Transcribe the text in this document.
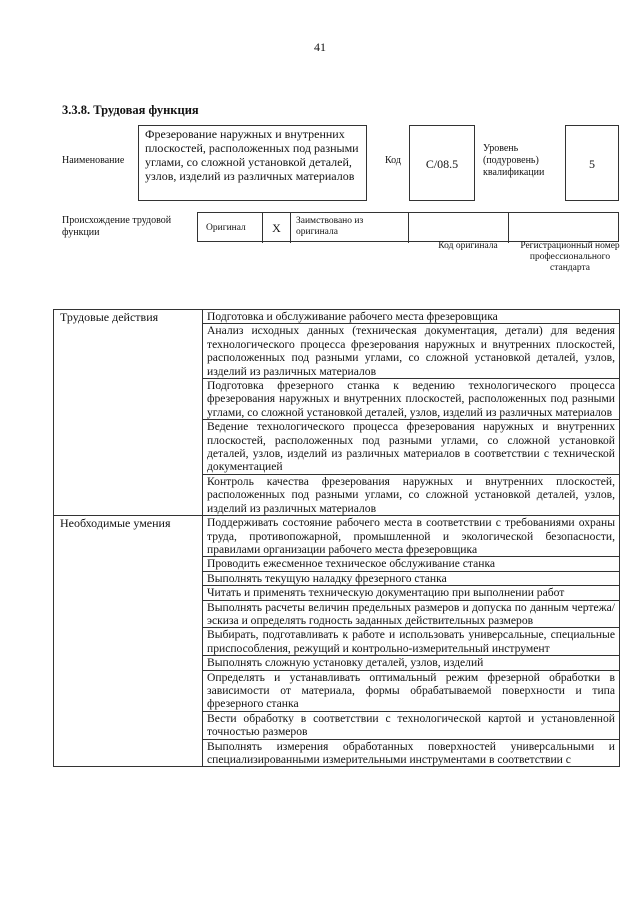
41
3.3.8. Трудовая функция
Наименование
Фрезерование наружных и внутренних плоскостей, расположенных под разными углами, со сложной установкой деталей, узлов, изделий из различных материалов
Код	С/08.5
Уровень (подуровень) квалификации
5
Происхождение трудовой функции	Оригинал	X	Заимствовано из оригинала
Код оригинала	Регистрационный номер профессионального стандарта
Трудовые действия	Подготовка и обслуживание рабочего места фрезеровщика
	Анализ исходных данных (техническая документация, детали) для ведения технологического процесса фрезерования наружных и внутренних плоскостей, расположенных под разными углами, со сложной установкой деталей, узлов, изделий из различных материалов
	Подготовка фрезерного станка к ведению технологического процесса фрезерования наружных и внутренних плоскостей, расположенных под разными углами, со сложной установкой деталей, узлов, изделий из различных материалов
	Ведение технологического процесса фрезерования наружных и внутренних плоскостей, расположенных под разными углами, со сложной установкой деталей, узлов, изделий из различных материалов в соответствии с технической документацией
	Контроль качества фрезерования наружных и внутренних плоскостей, расположенных под разными углами, со сложной установкой деталей, узлов, изделий из различных материалов
Необходимые умения	Поддерживать состояние рабочего места в соответствии с требованиями охраны труда, противопожарной, промышленной и экологической безопасности, правилами организации рабочего места фрезеровщика
	Проводить ежесменное техническое обслуживание станка
	Выполнять текущую наладку фрезерного станка
	Читать и применять техническую документацию при выполнении работ
	Выполнять расчеты величин предельных размеров и допуска по данным чертежа/эскиза и определять годность заданных действительных размеров
	Выбирать, подготавливать к работе и использовать универсальные, специальные приспособления, режущий и контрольно-измерительный инструмент
	Выполнять сложную установку деталей, узлов, изделий
	Определять и устанавливать оптимальный режим фрезерной обработки в зависимости от материала, формы обрабатываемой поверхности и типа фрезерного станка
	Вести обработку в соответствии с технологической картой и установленной точностью размеров
	Выполнять измерения обработанных поверхностей универсальными и специализированными измерительными инструментами в соответствии с
